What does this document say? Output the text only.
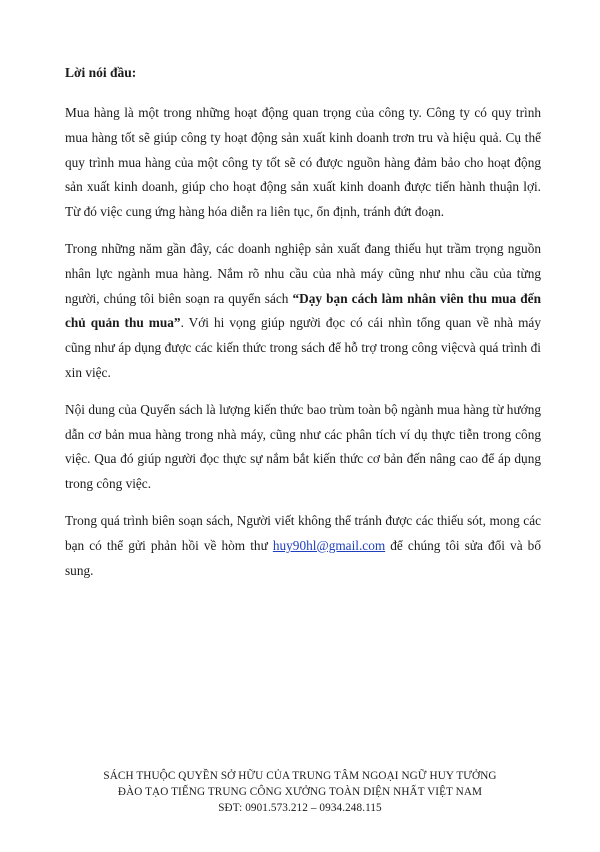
Lời nói đầu:

Mua hàng là một trong những hoạt động quan trọng của công ty. Công ty có quy trình mua hàng tốt sẽ giúp công ty hoạt động sản xuất kinh doanh trơn tru và hiệu quả. Cụ thể quy trình mua hàng của một công ty tốt sẽ có được nguồn hàng đảm bảo cho hoạt động sản xuất kinh doanh, giúp cho hoạt động sản xuất kinh doanh được tiến hành thuận lợi. Từ đó việc cung ứng hàng hóa diễn ra liên tục, ổn định, tránh đứt đoạn.

Trong những năm gần đây, các doanh nghiệp sản xuất đang thiếu hụt trầm trọng nguồn nhân lực ngành mua hàng. Nắm rõ nhu cầu của nhà máy cũng như nhu cầu của từng người, chúng tôi biên soạn ra quyển sách “Dạy bạn cách làm nhân viên thu mua đến chủ quản thu mua”. Với hi vọng giúp người đọc có cái nhìn tổng quan về nhà máy cũng như áp dụng được các kiến thức trong sách để hỗ trợ trong công việcvà quá trình đi xin việc.

Nội dung của Quyển sách là lượng kiến thức bao trùm toàn bộ ngành mua hàng từ hướng dẫn cơ bản mua hàng trong nhà máy, cũng như các phân tích ví dụ thực tiễn trong công việc. Qua đó giúp người đọc thực sự nắm bắt kiến thức cơ bản đến nâng cao để áp dụng trong công việc.

Trong quá trình biên soạn sách, Người viết không thể tránh được các thiếu sót, mong các bạn có thể gửi phản hồi về hòm thư huy90hl@gmail.com để chúng tôi sửa đổi và bổ sung.

SÁCH THUỘC QUYỀN SỞ HỮU CỦA TRUNG TÂM NGOẠI NGỮ HUY TƯỞNG
ĐÀO TẠO TIẾNG TRUNG CÔNG XƯỞNG TOÀN DIỆN NHẤT VIỆT NAM
SĐT: 0901.573.212 – 0934.248.115
